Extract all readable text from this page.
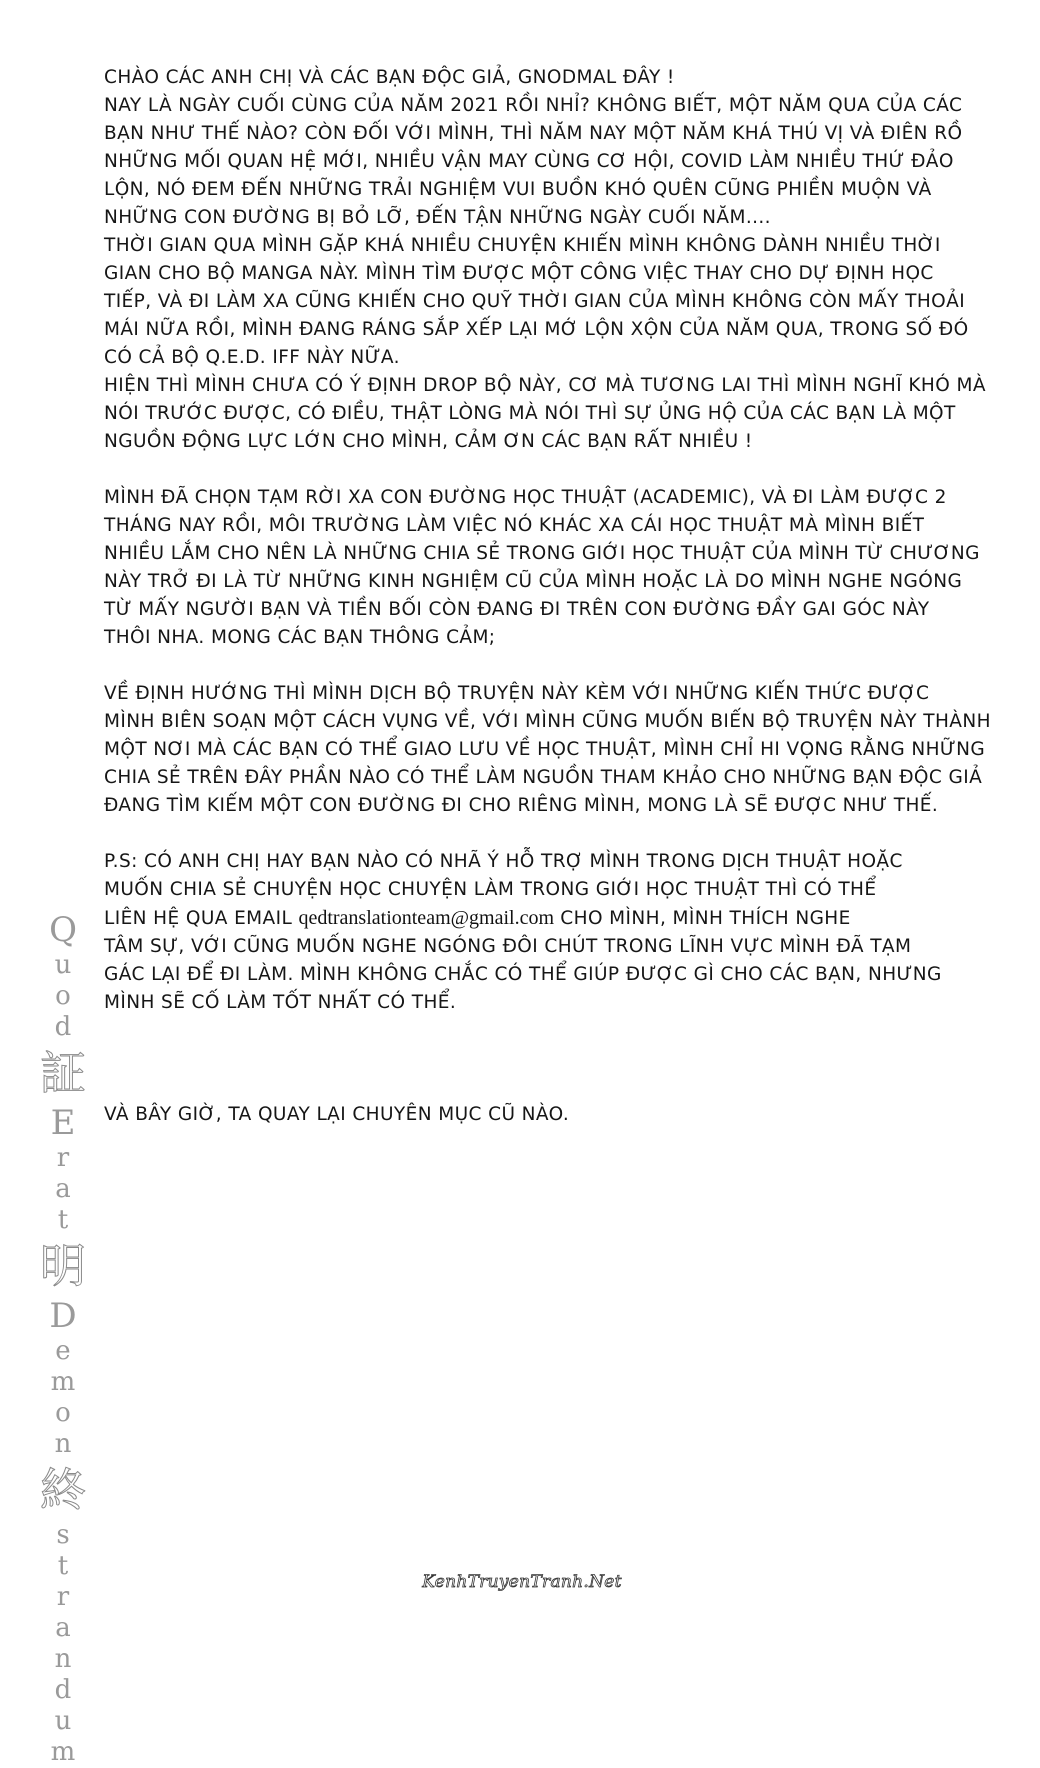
CHÀO CÁC ANH CHỊ VÀ CÁC BẠN ĐỘC GIẢ, GNODMAL ĐÂY !
NAY LÀ NGÀY CUỐI CÙNG CỦA NĂM 2021 RỒI NHỈ? KHÔNG BIẾT, MỘT NĂM QUA CỦA CÁC
BẠN NHƯ THẾ NÀO? CÒN ĐỐI VỚI MÌNH, THÌ NĂM NAY MỘT NĂM KHÁ THÚ VỊ VÀ ĐIÊN RỒ
NHỮNG MỐI QUAN HỆ MỚI, NHIỀU VẬN MAY CÙNG CƠ HỘI, COVID LÀM NHIỀU THỨ ĐẢO
LỘN, NÓ ĐEM ĐẾN NHỮNG TRẢI NGHIỆM VUI BUỒN KHÓ QUÊN CŨNG PHIỀN MUỘN VÀ
NHỮNG CON ĐƯỜNG BỊ BỎ LỠ, ĐẾN TẬN NHỮNG NGÀY CUỐI NĂM....
THỜI GIAN QUA MÌNH GẶP KHÁ NHIỀU CHUYỆN KHIẾN MÌNH KHÔNG DÀNH NHIỀU THỜI
GIAN CHO BỘ MANGA NÀY. MÌNH TÌM ĐƯỢC MỘT CÔNG VIỆC THAY CHO DỰ ĐỊNH HỌC
TIẾP, VÀ ĐI LÀM XA CŨNG KHIẾN CHO QUỸ THỜI GIAN CỦA MÌNH KHÔNG CÒN MẤY THOẢI
MÁI NỮA RỒI, MÌNH ĐANG RÁNG SẮP XẾP LẠI MỚ LỘN XỘN CỦA NĂM QUA, TRONG SỐ ĐÓ
CÓ CẢ BỘ Q.E.D. IFF NÀY NỮA.
HIỆN THÌ MÌNH CHƯA CÓ Ý ĐỊNH DROP BỘ NÀY, CƠ MÀ TƯƠNG LAI THÌ MÌNH NGHĨ KHÓ MÀ
NÓI TRƯỚC ĐƯỢC, CÓ ĐIỀU, THẬT LÒNG MÀ NÓI THÌ SỰ ỦNG HỘ CỦA CÁC BẠN LÀ MỘT
NGUỒN ĐỘNG LỰC LỚN CHO MÌNH, CẢM ƠN CÁC BẠN RẤT NHIỀU !
MÌNH ĐÃ CHỌN TẠM RỜI XA CON ĐƯỜNG HỌC THUẬT (ACADEMIC), VÀ ĐI LÀM ĐƯỢC 2
THÁNG NAY RỒI, MÔI TRƯỜNG LÀM VIỆC NÓ KHÁC XA CÁI HỌC THUẬT MÀ MÌNH BIẾT
NHIỀU LẮM CHO NÊN LÀ NHỮNG CHIA SẺ TRONG GIỚI HỌC THUẬT CỦA MÌNH TỪ CHƯƠNG
NÀY TRỞ ĐI LÀ TỪ NHỮNG KINH NGHIỆM CŨ CỦA MÌNH HOẶC LÀ DO MÌNH NGHE NGÓNG
TỪ MẤY NGƯỜI BẠN VÀ TIỀN BỐI CÒN ĐANG ĐI TRÊN CON ĐƯỜNG ĐẦY GAI GÓC NÀY
THÔI NHA. MONG CÁC BẠN THÔNG CẢM;
VỀ ĐỊNH HƯỚNG THÌ MÌNH DỊCH BỘ TRUYỆN NÀY KÈM VỚI NHỮNG KIẾN THỨC ĐƯỢC
MÌNH BIÊN SOẠN MỘT CÁCH VỤNG VỀ, VỚI MÌNH CŨNG MUỐN BIẾN BỘ TRUYỆN NÀY THÀNH
MỘT NƠI MÀ CÁC BẠN CÓ THỂ GIAO LƯU VỀ HỌC THUẬT, MÌNH CHỈ HI VỌNG RẰNG NHỮNG
CHIA SẺ TRÊN ĐÂY PHẦN NÀO CÓ THỂ LÀM NGUỒN THAM KHẢO CHO NHỮNG BẠN ĐỘC GIẢ
ĐANG TÌM KIẾM MỘT CON ĐƯỜNG ĐI CHO RIÊNG MÌNH, MONG LÀ SẼ ĐƯỢC NHƯ THẾ.
P.S: CÓ ANH CHỊ HAY BẠN NÀO CÓ NHÃ Ý HỖ TRỢ MÌNH TRONG DỊCH THUẬT HOẶC
MUỐN CHIA SẺ CHUYỆN HỌC CHUYỆN LÀM TRONG GIỚI HỌC THUẬT THÌ CÓ THỂ
LIÊN HỆ QUA EMAIL qedtranslationteam@gmail.com CHO MÌNH, MÌNH THÍCH NGHE
TÂM SỰ, VỚI CŨNG MUỐN NGHE NGÓNG ĐÔI CHÚT TRONG LĨNH VỰC MÌNH ĐÃ TẠM
GÁC LẠI ĐỂ ĐI LÀM. MÌNH KHÔNG CHẮC CÓ THỂ GIÚP ĐƯỢC GÌ CHO CÁC BẠN, NHƯNG
MÌNH SẼ CỐ LÀM TỐT NHẤT CÓ THỂ.
VÀ BÂY GIỜ, TA QUAY LẠI CHUYÊN MỤC CŨ NÀO.
Q
u
o
d
証
E
r
a
t
明
D
e
m
o
n
終
s
t
r
a
n
d
u
m
KenhTruyenTranh.Net
